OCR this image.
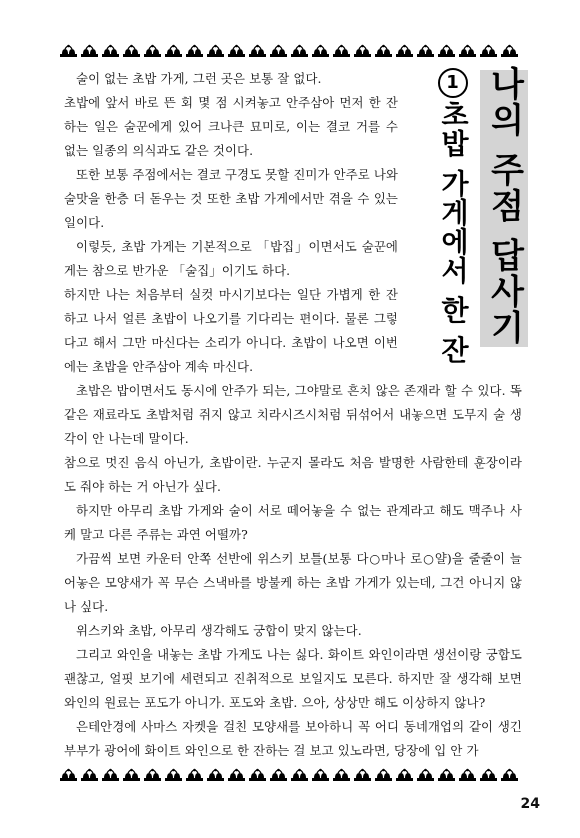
나의 주점 답사기
1초밥 가게에서 한 잔

술이 없는 초밥 가게, 그런 곳은 보통 잘 없다.

초밥에 앞서 바로 뜬 회 몇 점 시켜놓고 안주삼아 먼저 한 잔하는 일은 술꾼에게 있어 크나큰 묘미로, 이는 결코 거를 수 없는 일종의 의식과도 같은 것이다.

또한 보통 주점에서는 결코 구경도 못할 진미가 안주로 나와 술맛을 한층 더 돋우는 것 또한 초밥 가게에서만 겪을 수 있는 일이다.

이렇듯, 초밥 가게는 기본적으로 「밥집」이면서도 술꾼에게는 참으로 반가운 「술집」이기도 하다.

하지만 나는 처음부터 실컷 마시기보다는 일단 가볍게 한 잔 하고 나서 얼른 초밥이 나오기를 기다리는 편이다. 물론 그렇다고 해서 그만 마신다는 소리가 아니다. 초밥이 나오면 이번에는 초밥을 안주삼아 계속 마신다.

초밥은 밥이면서도 동시에 안주가 되는, 그야말로 흔치 않은 존재라 할 수 있다. 똑같은 재료라도 초밥처럼 쥐지 않고 치라시즈시처럼 뒤섞어서 내놓으면 도무지 술 생각이 안 나는데 말이다.

참으로 멋진 음식 아닌가, 초밥이란. 누군지 몰라도 처음 발명한 사람한테 훈장이라도 줘야 하는 거 아닌가 싶다.

하지만 아무리 초밥 가게와 술이 서로 떼어놓을 수 없는 관계라고 해도 맥주나 사케 말고 다른 주류는 과연 어떨까?

가끔씩 보면 카운터 안쪽 선반에 위스키 보틀(보통 다○마나 로○얄)을 줄줄이 늘어놓은 모양새가 꼭 무슨 스낵바를 방불케 하는 초밥 가게가 있는데, 그건 아니지 않나 싶다.

위스키와 초밥, 아무리 생각해도 궁합이 맞지 않는다.

그리고 와인을 내놓는 초밥 가게도 나는 싫다. 화이트 와인이라면 생선이랑 궁합도 괜찮고, 얼핏 보기에 세련되고 진취적으로 보일지도 모른다. 하지만 잘 생각해 보면 와인의 원료는 포도가 아니가. 포도와 초밥. 으아, 상상만 해도 이상하지 않나?

은테안경에 사마스 자켓을 걸친 모양새를 보아하니 꼭 어디 동네개업의 같이 생긴 부부가 광어에 화이트 와인으로 한 잔하는 걸 보고 있노라면, 당장에 입 안 가

24
